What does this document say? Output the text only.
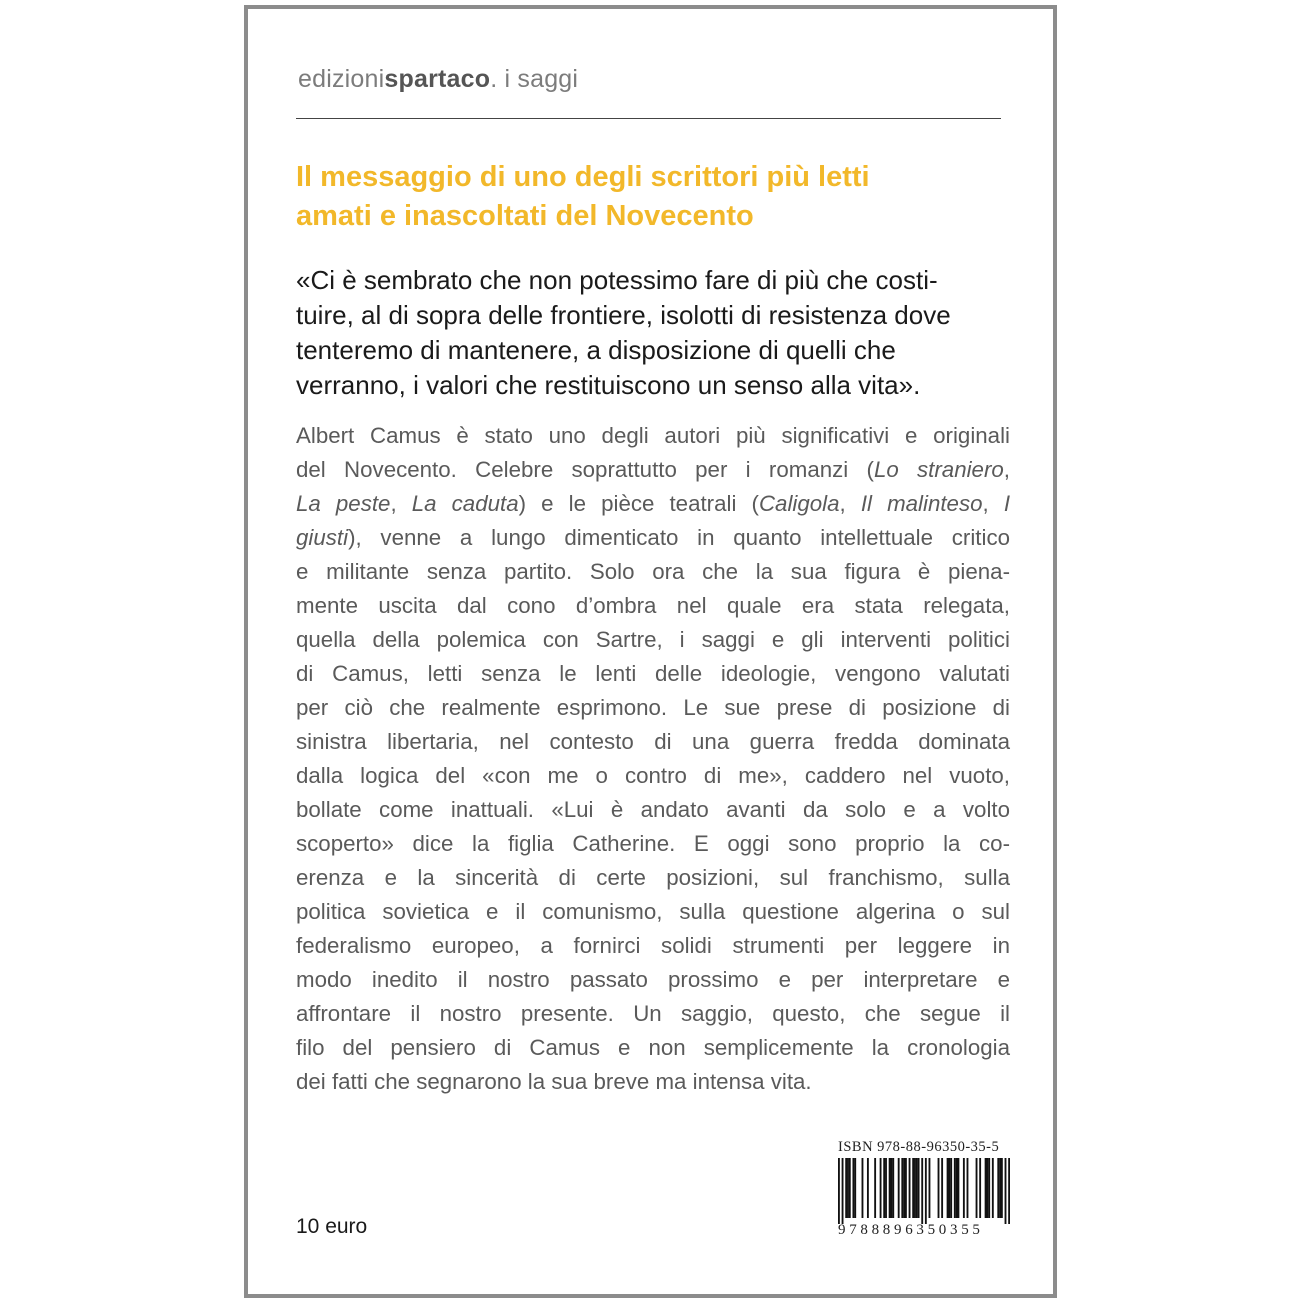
edizionispartaco. i saggi
Il messaggio di uno degli scrittori più letti
amati e inascoltati del Novecento

«Ci è sembrato che non potessimo fare di più che costi-
tuire, al di sopra delle frontiere, isolotti di resistenza dove
tenteremo di mantenere, a disposizione di quelli che
verranno, i valori che restituiscono un senso alla vita».

Albert Camus è stato uno degli autori più significativi e originali
del Novecento. Celebre soprattutto per i romanzi (Lo straniero,
La peste, La caduta) e le pièce teatrali (Caligola, Il malinteso, I
giusti), venne a lungo dimenticato in quanto intellettuale critico
e militante senza partito. Solo ora che la sua figura è piena-
mente uscita dal cono d’ombra nel quale era stata relegata,
quella della polemica con Sartre, i saggi e gli interventi politici
di Camus, letti senza le lenti delle ideologie, vengono valutati
per ciò che realmente esprimono. Le sue prese di posizione di
sinistra libertaria, nel contesto di una guerra fredda dominata
dalla logica del «con me o contro di me», caddero nel vuoto,
bollate come inattuali. «Lui è andato avanti da solo e a volto
scoperto» dice la figlia Catherine. E oggi sono proprio la co-
erenza e la sincerità di certe posizioni, sul franchismo, sulla
politica sovietica e il comunismo, sulla questione algerina o sul
federalismo europeo, a fornirci solidi strumenti per leggere in
modo inedito il nostro passato prossimo e per interpretare e
affrontare il nostro presente. Un saggio, questo, che segue il
filo del pensiero di Camus e non semplicemente la cronologia
dei fatti che segnarono la sua breve ma intensa vita.

10 euro
ISBN 978-88-96350-35-5
9788896350355
